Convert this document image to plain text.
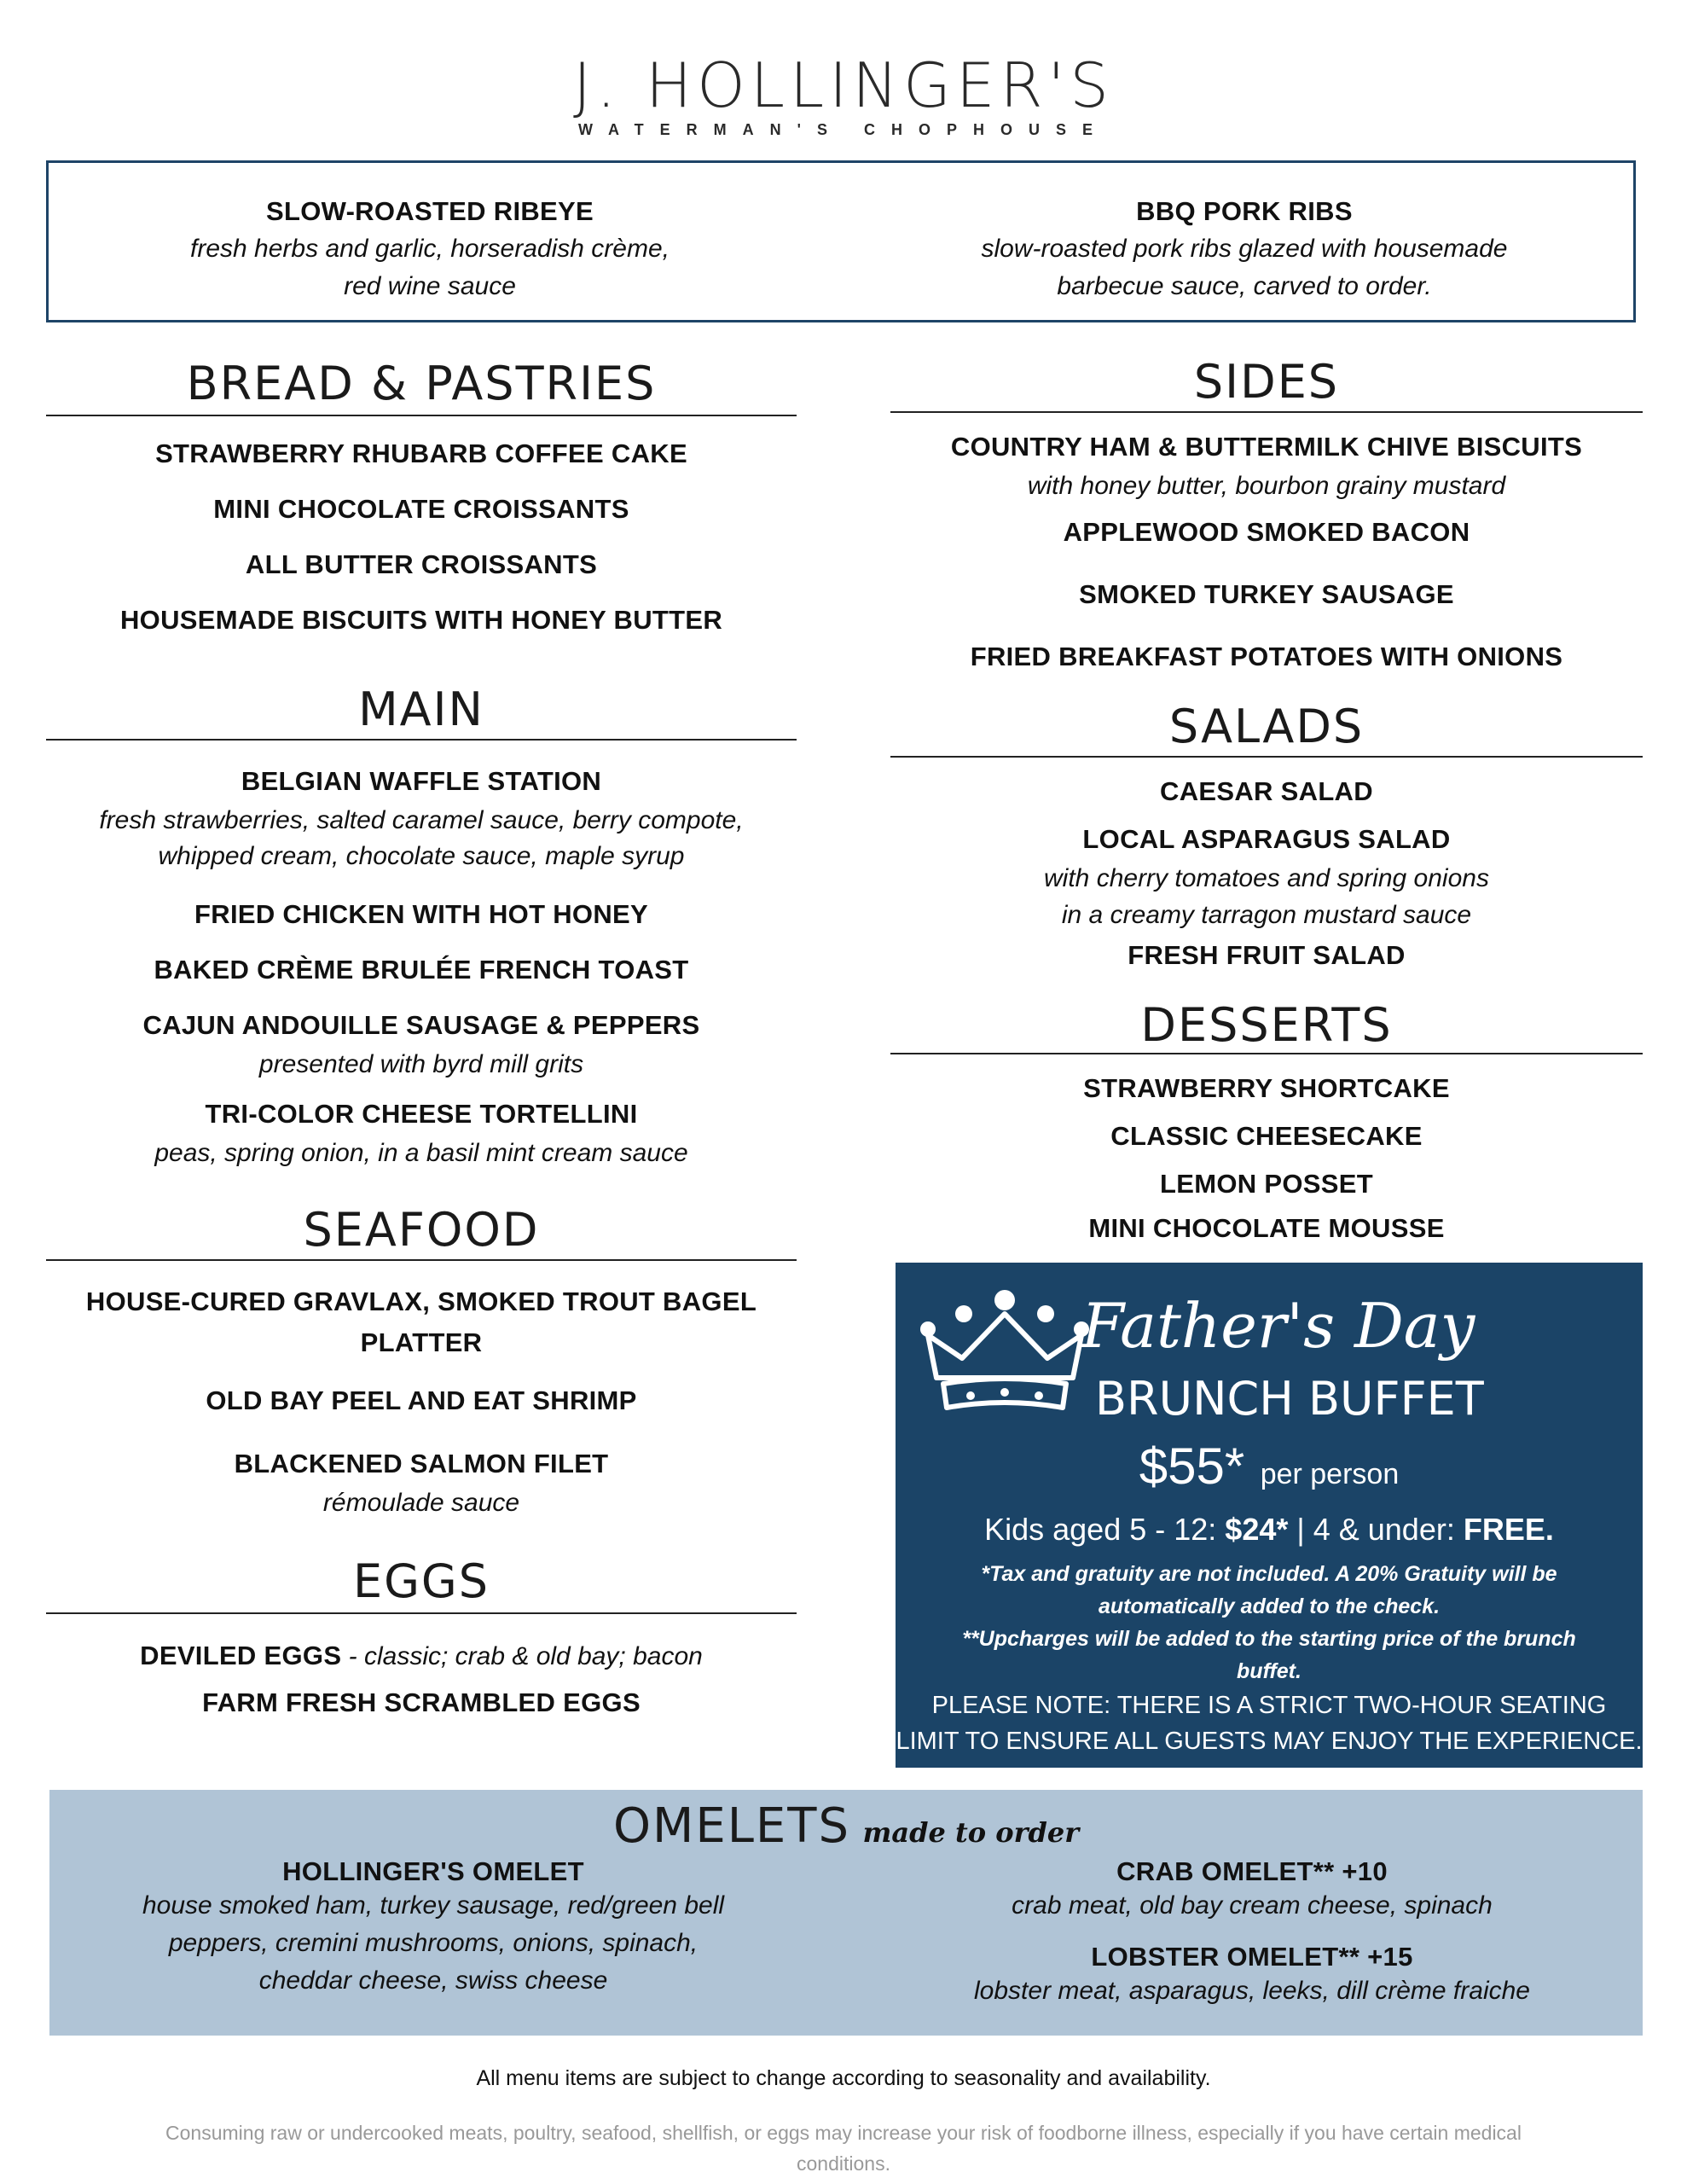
J. HOLLINGER'S
WATERMAN'S CHOPHOUSE
SLOW-ROASTED RIBEYE
fresh herbs and garlic, horseradish crème,
red wine sauce
BBQ PORK RIBS
slow-roasted pork ribs glazed with housemade
barbecue sauce, carved to order.
BREAD & PASTRIES
STRAWBERRY RHUBARB COFFEE CAKE
MINI CHOCOLATE CROISSANTS
ALL BUTTER CROISSANTS
HOUSEMADE BISCUITS WITH HONEY BUTTER
MAIN
BELGIAN WAFFLE STATION
fresh strawberries, salted caramel sauce, berry compote,
whipped cream, chocolate sauce, maple syrup
FRIED CHICKEN WITH HOT HONEY
BAKED CRÈME BRULÉE FRENCH TOAST
CAJUN ANDOUILLE SAUSAGE & PEPPERS
presented with byrd mill grits
TRI-COLOR CHEESE TORTELLINI
peas, spring onion, in a basil mint cream sauce
SEAFOOD
HOUSE-CURED GRAVLAX, SMOKED TROUT BAGEL
PLATTER
OLD BAY PEEL AND EAT SHRIMP
BLACKENED SALMON FILET
rémoulade sauce
EGGS
DEVILED EGGS - classic; crab & old bay; bacon
FARM FRESH SCRAMBLED EGGS
SIDES
COUNTRY HAM & BUTTERMILK CHIVE BISCUITS
with honey butter, bourbon grainy mustard
APPLEWOOD SMOKED BACON
SMOKED TURKEY SAUSAGE
FRIED BREAKFAST POTATOES WITH ONIONS
SALADS
CAESAR SALAD
LOCAL ASPARAGUS SALAD
with cherry tomatoes and spring onions
in a creamy tarragon mustard sauce
FRESH FRUIT SALAD
DESSERTS
STRAWBERRY SHORTCAKE
CLASSIC CHEESECAKE
LEMON POSSET
MINI CHOCOLATE MOUSSE
Father's Day
BRUNCH BUFFET
$55* per person
Kids aged 5 - 12: $24* | 4 & under: FREE.
*Tax and gratuity are not included. A 20% Gratuity will be
automatically added to the check.
**Upcharges will be added to the starting price of the brunch
buffet.
PLEASE NOTE: THERE IS A STRICT TWO-HOUR SEATING
LIMIT TO ENSURE ALL GUESTS MAY ENJOY THE EXPERIENCE.
OMELETS made to order
HOLLINGER'S OMELET
house smoked ham, turkey sausage, red/green bell
peppers, cremini mushrooms, onions, spinach,
cheddar cheese, swiss cheese
CRAB OMELET** +10
crab meat, old bay cream cheese, spinach
LOBSTER OMELET** +15
lobster meat, asparagus, leeks, dill crème fraiche
All menu items are subject to change according to seasonality and availability.
Consuming raw or undercooked meats, poultry, seafood, shellfish, or eggs may increase your risk of foodborne illness, especially if you have certain medical
conditions.
